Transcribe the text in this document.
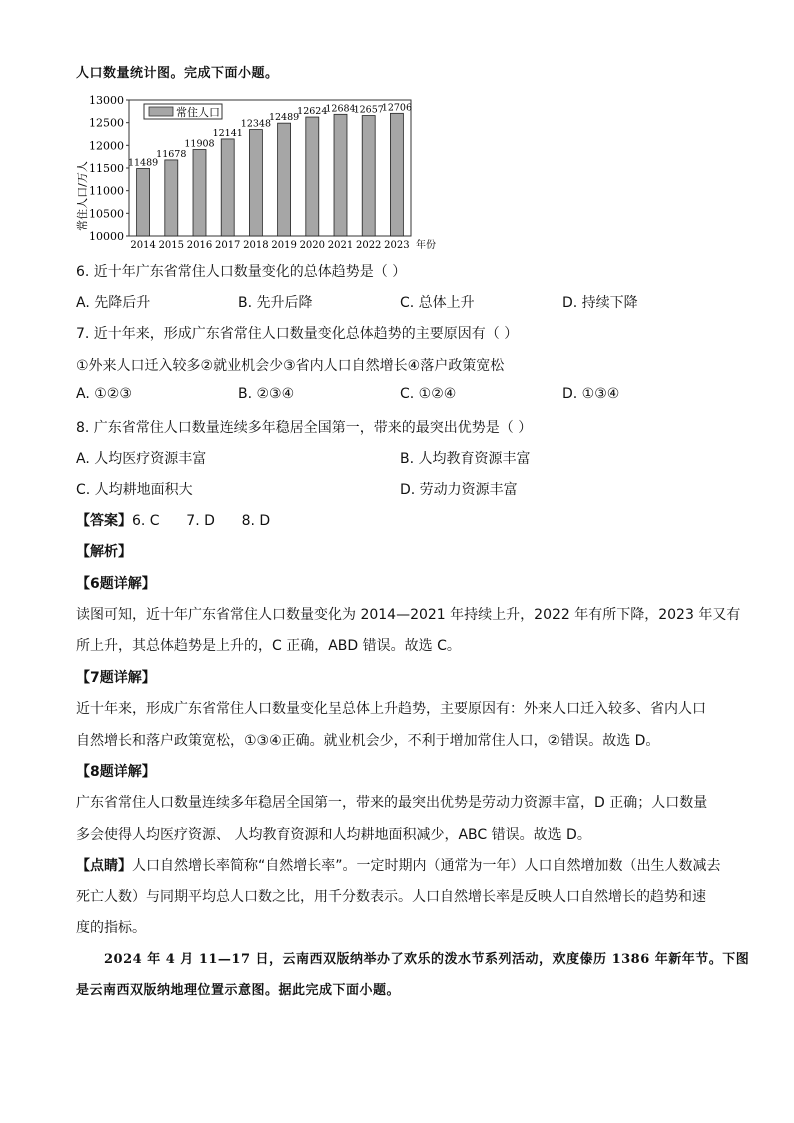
人口数量统计图。完成下面小题。
13000
12500
12000
11500
11000
10500
10000
2014 2015 2016 2017 2018 2019 2020 2021 2022 2023
11489
11678
11908
12141
12348
12489
12624
12684
12657
12706
常住人口
常住人口/万人
年份
6. 近十年广东省常住人口数量变化的总体趋势是（ ）
A. 先降后升	B. 先升后降	C. 总体上升	D. 持续下降
7. 近十年来，形成广东省常住人口数量变化总体趋势的主要原因有（ ）
①外来人口迁入较多②就业机会少③省内人口自然增长④落户政策宽松
A. ①②③	B. ②③④	C. ①②④	D. ①③④
8. 广东省常住人口数量连续多年稳居全国第一，带来的最突出优势是（ ）
A. 人均医疗资源丰富	B. 人均教育资源丰富
C. 人均耕地面积大	D. 劳动力资源丰富
【答案】6. C      7. D      8. D
【解析】
【6题详解】
读图可知，近十年广东省常住人口数量变化为 2014—2021 年持续上升，2022 年有所下降，2023 年又有
所上升，其总体趋势是上升的，C 正确，ABD 错误。故选 C。
【7题详解】
近十年来，形成广东省常住人口数量变化呈总体上升趋势，主要原因有：外来人口迁入较多、省内人口
自然增长和落户政策宽松，①③④正确。就业机会少，不利于增加常住人口，②错误。故选 D。
【8题详解】
广东省常住人口数量连续多年稳居全国第一，带来的最突出优势是劳动力资源丰富，D 正确；人口数量
多会使得人均医疗资源、 人均教育资源和人均耕地面积减少，ABC 错误。故选 D。
【点睛】人口自然增长率简称“自然增长率”。一定时期内（通常为一年）人口自然增加数（出生人数减去
死亡人数）与同期平均总人口数之比，用千分数表示。人口自然增长率是反映人口自然增长的趋势和速
度的指标。
2024 年 4 月 11—17 日，云南西双版纳举办了欢乐的泼水节系列活动，欢度傣历 1386 年新年节。下图
是云南西双版纳地理位置示意图。据此完成下面小题。
